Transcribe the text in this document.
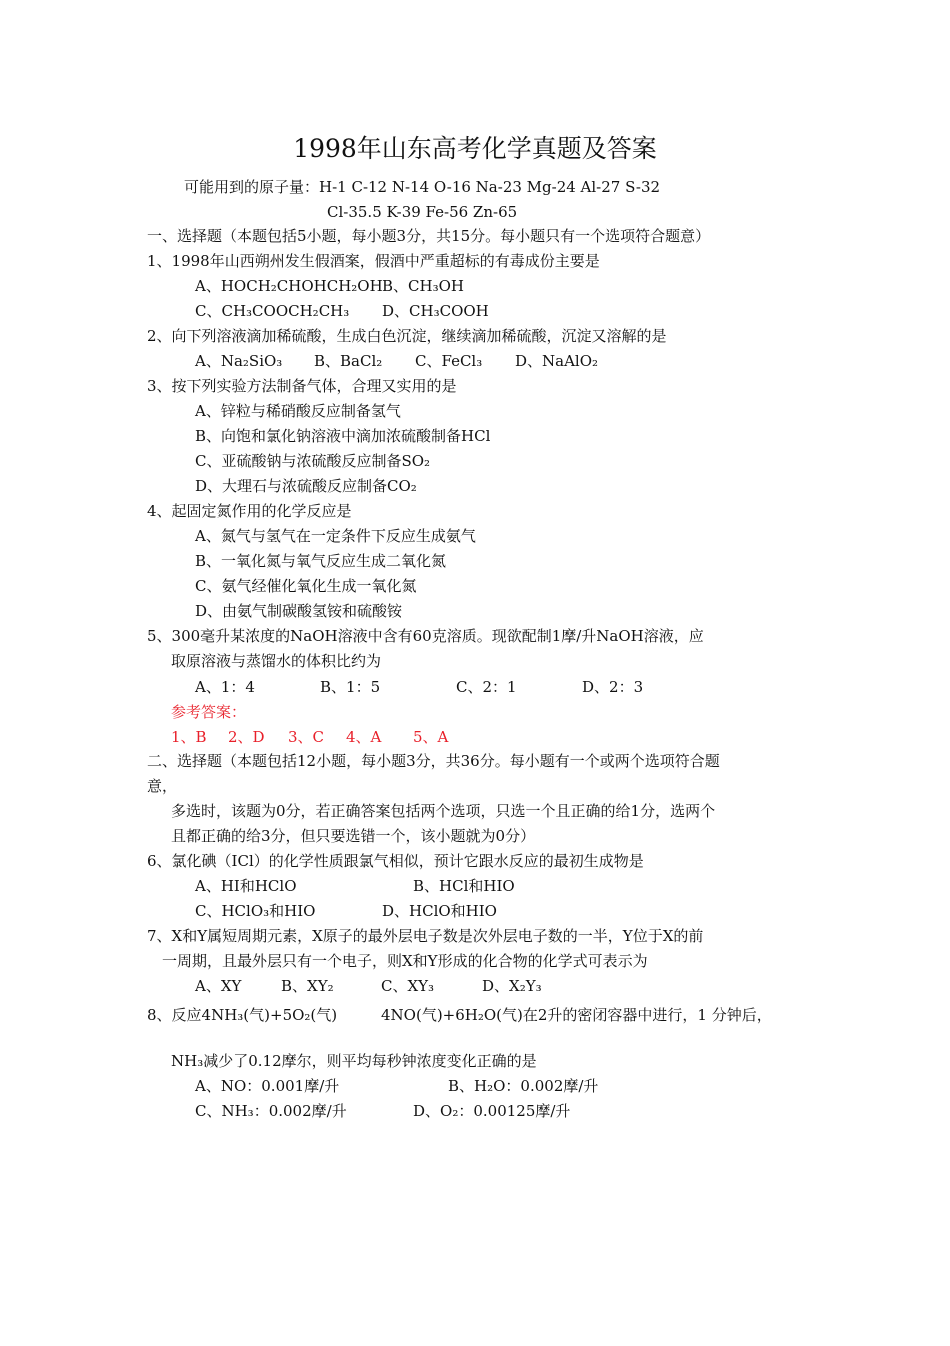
1998年山东高考化学真题及答案
可能用到的原子量：H-1 C-12 N-14 O-16 Na-23 Mg-24 Al-27 S-32
Cl-35.5 K-39 Fe-56 Zn-65
一、选择题（本题包括5小题，每小题3分，共15分。每小题只有一个选项符合题意）
1、1998年山西朔州发生假酒案，假酒中严重超标的有毒成份主要是
A、HOCH₂CHOHCH₂OH B、CH₃OH
C、CH₃COOCH₂CH₃ D、CH₃COOH
2、向下列溶液滴加稀硫酸，生成白色沉淀，继续滴加稀硫酸，沉淀又溶解的是
A、Na₂SiO₃ B、BaCl₂ C、FeCl₃ D、NaAlO₂
3、按下列实验方法制备气体，合理又实用的是
A、锌粒与稀硝酸反应制备氢气
B、向饱和氯化钠溶液中滴加浓硫酸制备HCl
C、亚硫酸钠与浓硫酸反应制备SO₂
D、大理石与浓硫酸反应制备CO₂
4、起固定氮作用的化学反应是
A、氮气与氢气在一定条件下反应生成氨气
B、一氧化氮与氧气反应生成二氧化氮
C、氨气经催化氧化生成一氧化氮
D、由氨气制碳酸氢铵和硫酸铵
5、300毫升某浓度的NaOH溶液中含有60克溶质。现欲配制1摩/升NaOH溶液，应
取原溶液与蒸馏水的体积比约为
A、1：4	B、1：5	C、2：1	D、2：3
参考答案：
1、B 2、D 3、C 4、A 5、A
二、选择题（本题包括12小题，每小题3分，共36分。每小题有一个或两个选项符合题
意，
多选时，该题为0分，若正确答案包括两个选项，只选一个且正确的给1分，选两个
且都正确的给3分，但只要选错一个，该小题就为0分）
6、氯化碘（ICl）的化学性质跟氯气相似，预计它跟水反应的最初生成物是
A、HI和HClO	B、HCl和HIO
C、HClO₃和HIO	D、HClO和HIO
7、X和Y属短周期元素，X原子的最外层电子数是次外层电子数的一半，Y位于X的前
一周期，且最外层只有一个电子，则X和Y形成的化合物的化学式可表示为
A、XY	B、XY₂	C、XY₃	D、X₂Y₃
8、反应4NH₃(气)+5O₂(气)	4NO(气)+6H₂O(气)在2升的密闭容器中进行，1 分钟后，
NH₃减少了0.12摩尔，则平均每秒钟浓度变化正确的是
A、NO：0.001摩/升	B、H₂O：0.002摩/升
C、NH₃：0.002摩/升	D、O₂：0.00125摩/升
